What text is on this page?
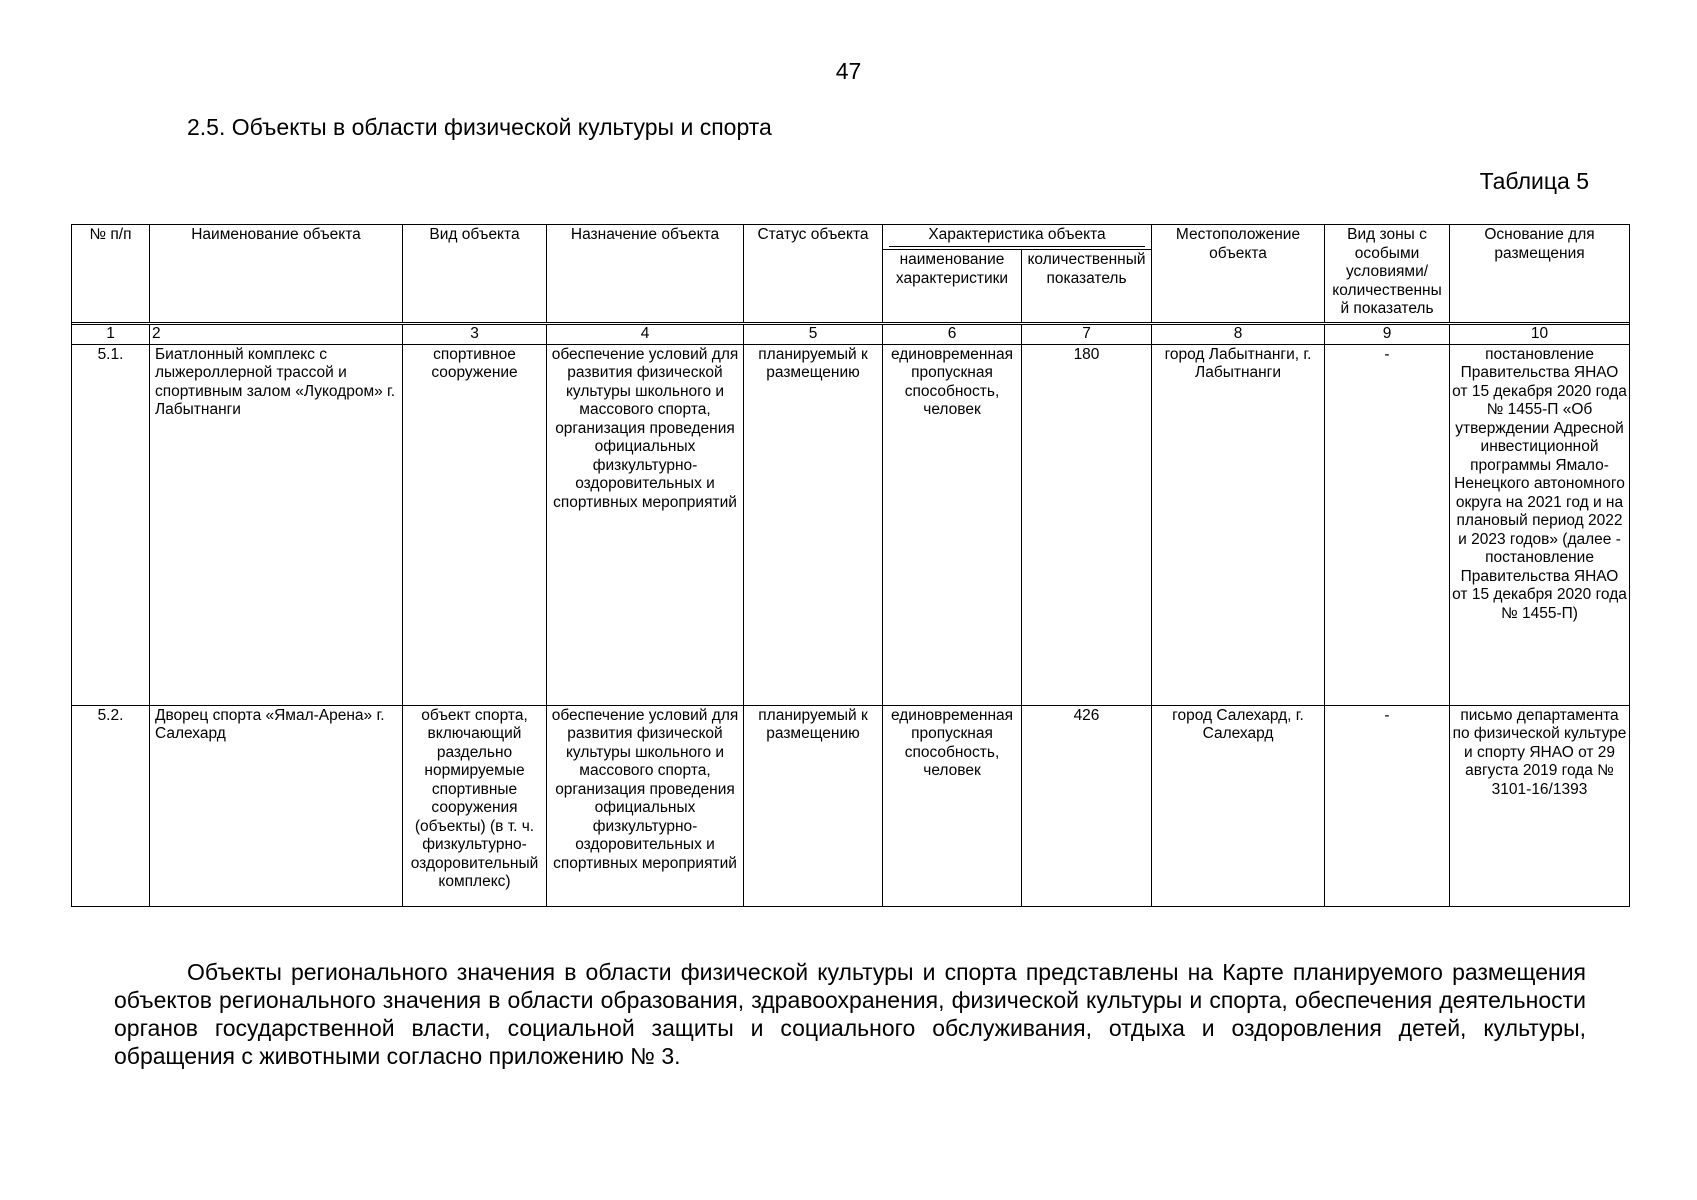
47
2.5. Объекты в области физической культуры и спорта
Таблица 5
№ п/п	Наименование объекта	Вид объекта	Назначение объекта	Статус объекта	Характеристика объекта		Местоположение объекта	Вид зоны с особыми условиями/ количественны й показатель	Основание для размещения
					наименование характеристики	количественный показатель			

1	2	3	4	5	6	7	8	9	10
5.1.	Биатлонный комплекс с лыжероллерной трассой и спортивным залом «Лукодром» г. Лабытнанги	спортивное сооружение	обеспечение условий для развития физической культуры школьного и массового спорта, организация проведения официальных физкультурно-оздоровительных и спортивных мероприятий	планируемый к размещению	единовременная пропускная способность, человек	180	город Лабытнанги, г. Лабытнанги	-	постановление Правительства ЯНАО от 15 декабря 2020 года № 1455-П «Об утверждении Адресной инвестиционной программы Ямало-Ненецкого автономного округа на 2021 год и на плановый период 2022 и 2023 годов» (далее - постановление Правительства ЯНАО от 15 декабря 2020 года № 1455-П)
5.2.	Дворец спорта «Ямал-Арена» г. Салехард	объект спорта, включающий раздельно нормируемые спортивные сооружения (объекты) (в т. ч. физкультурно-оздоровительный комплекс)	обеспечение условий для развития физической культуры школьного и массового спорта, организация проведения официальных физкультурно-оздоровительных и спортивных мероприятий	планируемый к размещению	единовременная пропускная способность, человек	426	город Салехард, г. Салехард	-	письмо департамента по физической культуре и спорту ЯНАО от 29 августа 2019 года № 3101-16/1393

Объекты регионального значения в области физической культуры и спорта представлены на Карте планируемого размещения объектов регионального значения в области образования, здравоохранения, физической культуры и спорта, обеспечения деятельности органов государственной власти, социальной защиты и социального обслуживания, отдыха и оздоровления детей, культуры, обращения с животными согласно приложению № 3.
